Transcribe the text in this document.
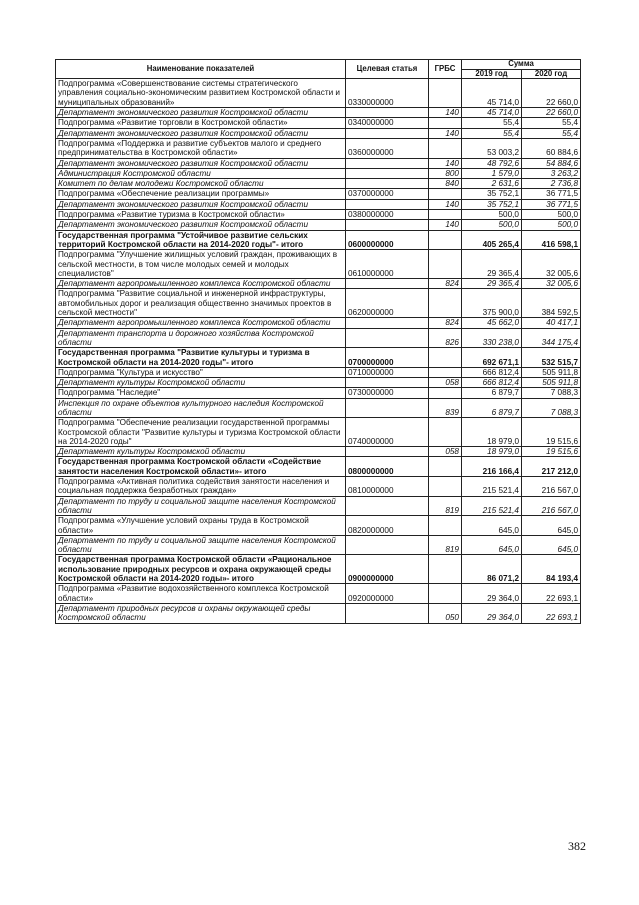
Наименование показателей	Целевая статья	ГРБС	Сумма	
			2019 год	2020 год
Подпрограмма «Совершенствование системы стратегического управления социально-экономическим развитием Костромской области и муниципальных образований»	0330000000		45 714,0	22 660,0
Департамент экономического развития Костромской области		140	45 714,0	22 660,0
Подпрограмма «Развитие торговли в Костромской области»	0340000000		55,4	55,4
Департамент экономического развития Костромской области		140	55,4	55,4
Подпрограмма «Поддержка и развитие субъектов малого и среднего предпринимательства в Костромской области»	0360000000		53 003,2	60 884,6
Департамент экономического развития Костромской области		140	48 792,6	54 884,6
Администрация Костромской области		800	1 579,0	3 263,2
Комитет по делам молодежи Костромской области		840	2 631,6	2 736,8
Подпрограмма «Обеспечение реализации программы»	0370000000		35 752,1	36 771,5
Департамент экономического развития Костромской области		140	35 752,1	36 771,5
Подпрограмма «Развитие туризма в Костромской области»	0380000000		500,0	500,0
Департамент экономического развития Костромской области		140	500,0	500,0
Государственная программа "Устойчивое развитие сельских территорий Костромской области на 2014-2020 годы"- итого	0600000000		405 265,4	416 598,1
Подпрограмма "Улучшение жилищных условий граждан, проживающих в сельской местности, в том числе молодых семей и молодых специалистов"	0610000000		29 365,4	32 005,6
Департамент агропромышленного комплекса Костромской области		824	29 365,4	32 005,6
Подпрограмма "Развитие социальной и инженерной инфраструктуры, автомобильных дорог и реализация общественно значимых проектов в сельской местности"	0620000000		375 900,0	384 592,5
Департамент агропромышленного комплекса Костромской области		824	45 662,0	40 417,1
Департамент транспорта и дорожного хозяйства Костромской области		826	330 238,0	344 175,4
Государственная программа "Развитие культуры и туризма в Костромской области на 2014-2020 годы"- итого	0700000000		692 671,1	532 515,7
Подпрограмма "Культура и искусство"	0710000000		666 812,4	505 911,8
Департамент культуры Костромской области		058	666 812,4	505 911,8
Подпрограмма "Наследие"	0730000000		6 879,7	7 088,3
Инспекция по охране объектов культурного наследия Костромской области		839	6 879,7	7 088,3
Подпрограмма "Обеспечение реализации государственной программы Костромской области "Развитие культуры и туризма Костромской области на 2014-2020 годы"	0740000000		18 979,0	19 515,6
Департамент культуры Костромской области		058	18 979,0	19 515,6
Государственная программа Костромской области «Содействие занятости населения Костромской области»- итого	0800000000		216 166,4	217 212,0
Подпрограмма «Активная политика содействия занятости населения и социальная поддержка безработных граждан»	0810000000		215 521,4	216 567,0
Департамент по труду и социальной защите населения Костромской области		819	215 521,4	216 567,0
Подпрограмма «Улучшение условий охраны труда в Костромской области»	0820000000		645,0	645,0
Департамент по труду и социальной защите населения Костромской области		819	645,0	645,0
Государственная программа Костромской области «Рациональное использование природных ресурсов и охрана окружающей среды Костромской области на 2014-2020 годы»- итого	0900000000		86 071,2	84 193,4
Подпрограмма «Развитие водохозяйственного комплекса Костромской области»	0920000000		29 364,0	22 693,1
Департамент природных ресурсов и охраны окружающей среды Костромской области		050	29 364,0	22 693,1
382
